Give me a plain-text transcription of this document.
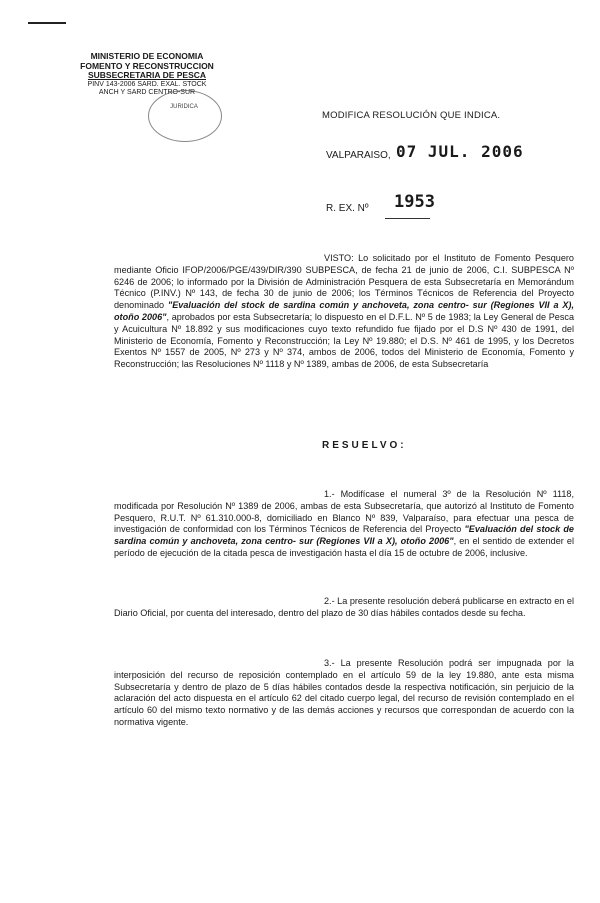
MINISTERIO DE ECONOMIA
FOMENTO Y RECONSTRUCCION
SUBSECRETARIA DE PESCA
PINV 143-2006 SARD. EXAL. STOCK
ANCH Y SARD CENTRO-SUR
JURIDICA
MODIFICA RESOLUCIÓN QUE INDICA.
VALPARAISO, 07 JUL. 2006
R. EX. Nº 1953
VISTO: Lo solicitado por el Instituto de Fomento Pesquero mediante Oficio IFOP/2006/PGE/439/DIR/390 SUBPESCA, de fecha 21 de junio de 2006, C.I. SUBPESCA Nº 6246 de 2006; lo informado por la División de Administración Pesquera de esta Subsecretaría en Memorándum Técnico (P.INV.) Nº 143, de fecha 30 de junio de 2006; los Términos Técnicos de Referencia del Proyecto denominado "Evaluación del stock de sardina común y anchoveta, zona centro- sur (Regiones VII a X), otoño 2006", aprobados por esta Subsecretaría; lo dispuesto en el D.F.L. Nº 5 de 1983; la Ley General de Pesca y Acuicultura Nº 18.892 y sus modificaciones cuyo texto refundido fue fijado por el D.S Nº 430 de 1991, del Ministerio de Economía, Fomento y Reconstrucción; la Ley Nº 19.880; el D.S. Nº 461 de 1995, y los Decretos Exentos Nº 1557 de 2005, Nº 273 y Nº 374, ambos de 2006, todos del Ministerio de Economía, Fomento y Reconstrucción; las Resoluciones Nº 1118 y Nº 1389, ambas de 2006, de esta Subsecretaría
RESUELVO:
1.- Modifícase el numeral 3º de la Resolución Nº 1118, modificada por Resolución Nº 1389 de 2006, ambas de esta Subsecretaría, que autorizó al Instituto de Fomento Pesquero, R.U.T. Nº 61.310.000-8, domiciliado en Blanco Nº 839, Valparaíso, para efectuar una pesca de investigación de conformidad con los Términos Técnicos de Referencia del Proyecto "Evaluación del stock de sardina común y anchoveta, zona centro- sur (Regiones VII a X), otoño 2006", en el sentido de extender el período de ejecución de la citada pesca de investigación hasta el día 15 de octubre de 2006, inclusive.
2.- La presente resolución deberá publicarse en extracto en el Diario Oficial, por cuenta del interesado, dentro del plazo de 30 días hábiles contados desde su fecha.
3.- La presente Resolución podrá ser impugnada por la interposición del recurso de reposición contemplado en el artículo 59 de la ley 19.880, ante esta misma Subsecretaría y dentro de plazo de 5 días hábiles contados desde la respectiva notificación, sin perjuicio de la aclaración del acto dispuesta en el artículo 62 del citado cuerpo legal, del recurso de revisión contemplado en el artículo 60 del mismo texto normativo y de las demás acciones y recursos que correspondan de acuerdo con la normativa vigente.
